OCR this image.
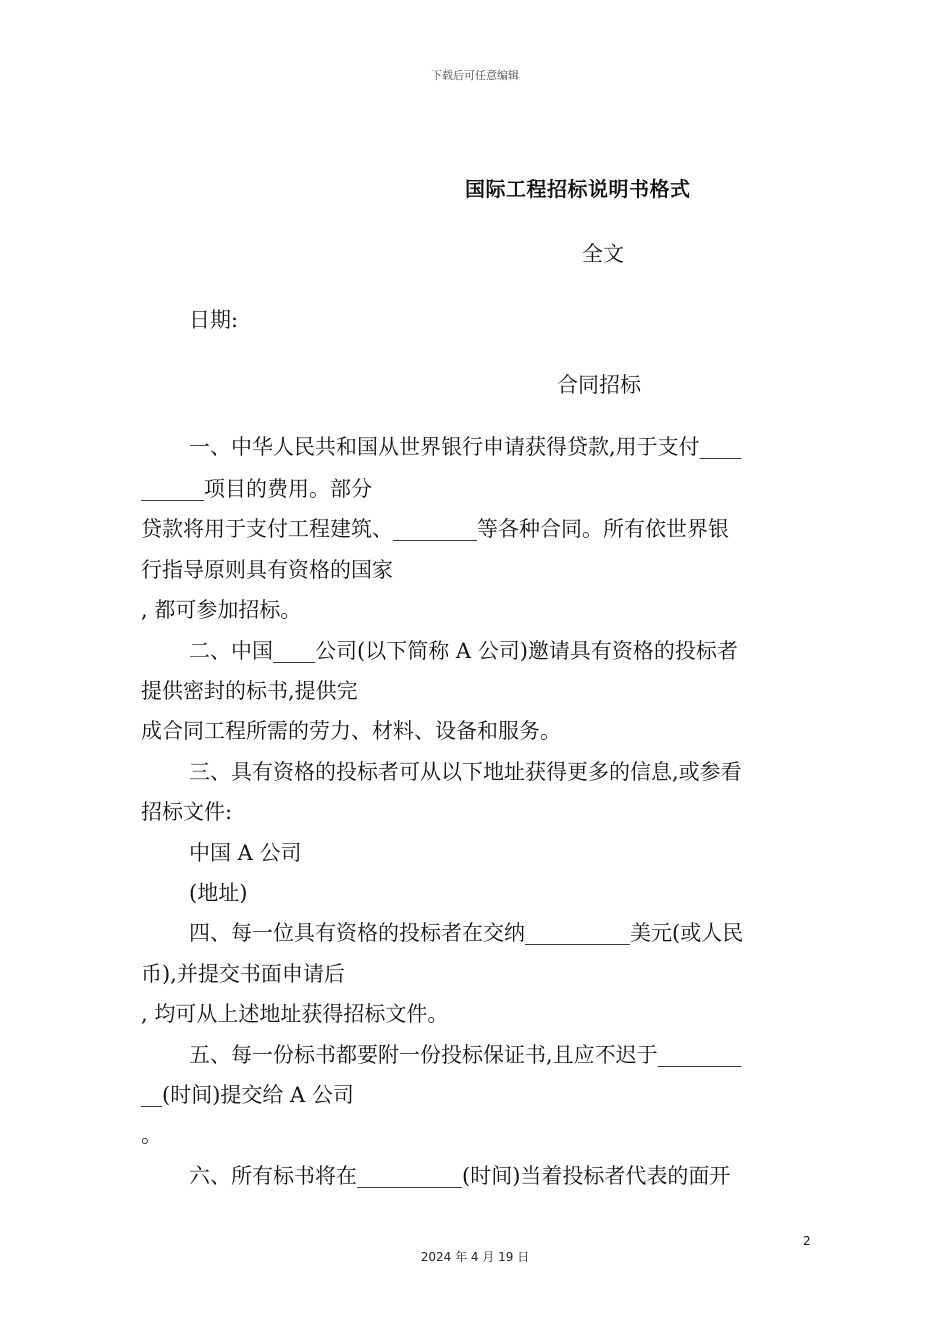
下载后可任意编辑
国际工程招标说明书格式
全文
日期:
合同招标
一、中华人民共和国从世界银行申请获得贷款,用于支付____
______项目的费用。部分
贷款将用于支付工程建筑、________等各种合同。所有依世界银
行指导原则具有资格的国家
, 都可参加招标。
二、中国____公司(以下简称 A 公司)邀请具有资格的投标者
提供密封的标书,提供完
成合同工程所需的劳力、材料、设备和服务。
三、具有资格的投标者可从以下地址获得更多的信息,或参看
招标文件:
中国 A 公司
(地址)
四、每一位具有资格的投标者在交纳__________美元(或人民
币),并提交书面申请后
, 均可从上述地址获得招标文件。
五、每一份标书都要附一份投标保证书,且应不迟于________
__(时间)提交给 A 公司
。
六、所有标书将在__________(时间)当着投标者代表的面开
2
2024 年 4 月 19 日
